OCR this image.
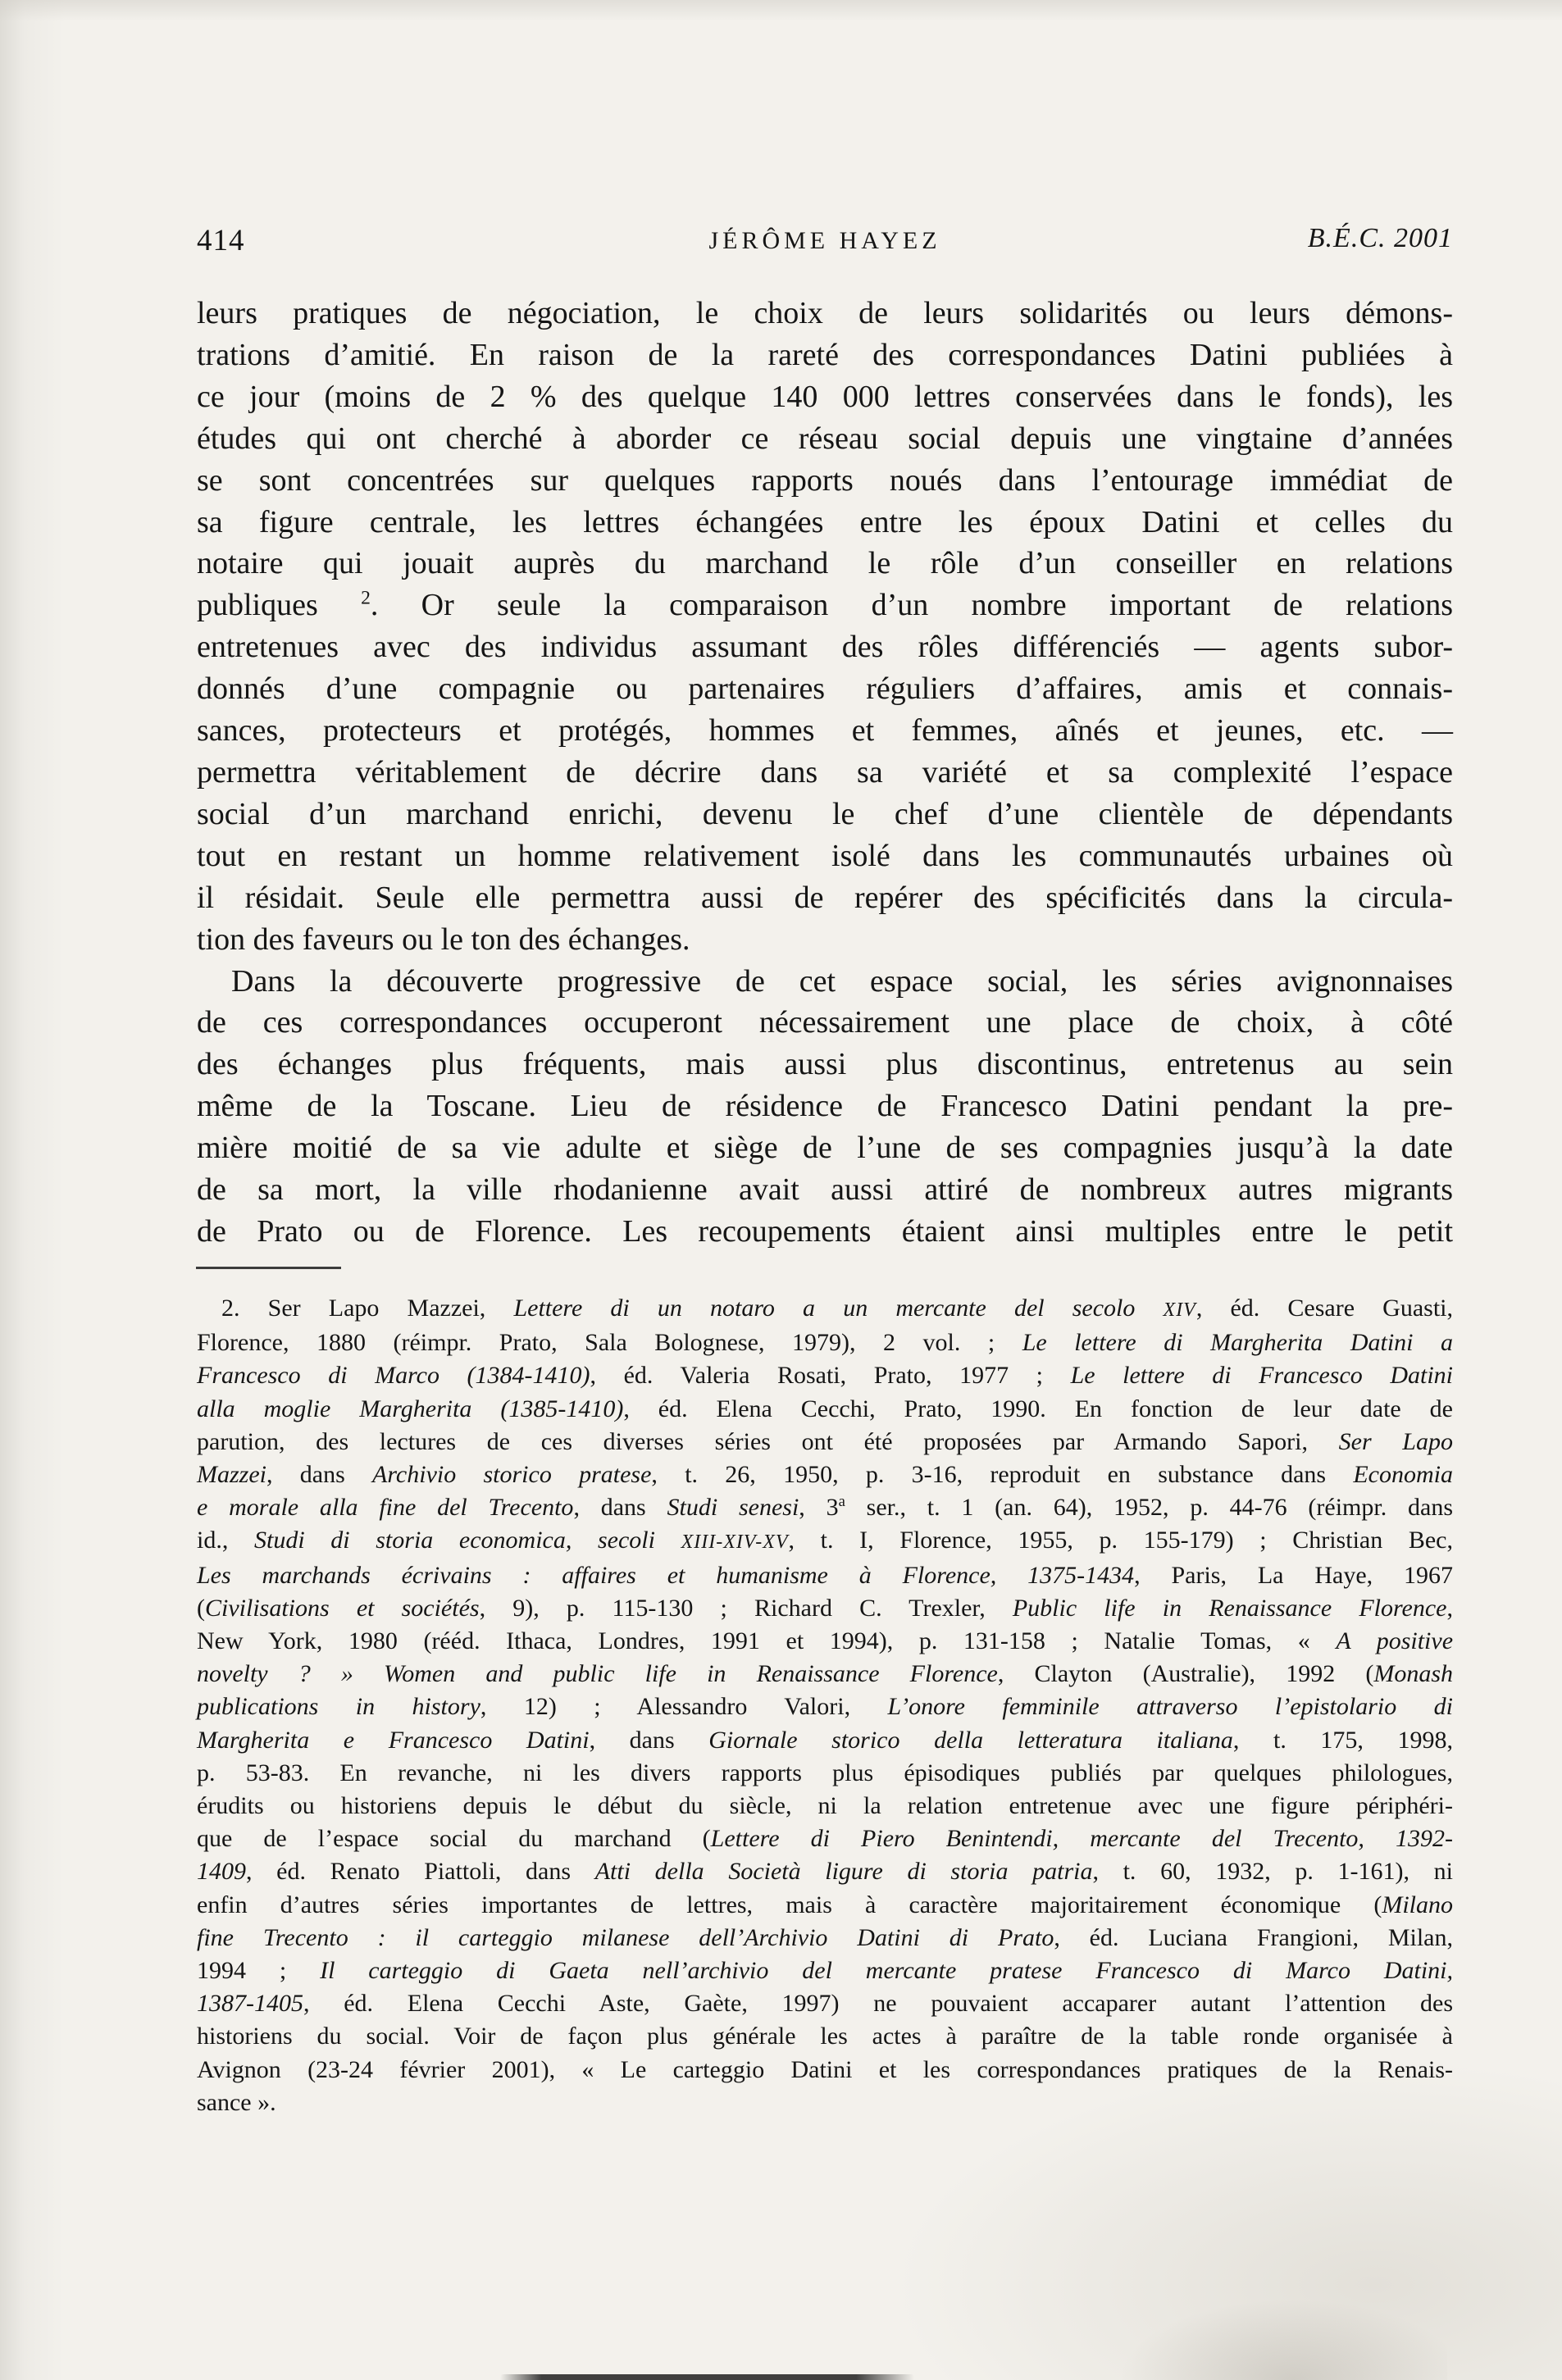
414	JÉRÔME HAYEZ	B.É.C. 2001
leurs pratiques de négociation, le choix de leurs solidarités ou leurs démons-
trations d’amitié. En raison de la rareté des correspondances Datini publiées à
ce jour (moins de 2 % des quelque 140 000 lettres conservées dans le fonds), les
études qui ont cherché à aborder ce réseau social depuis une vingtaine d’années
se sont concentrées sur quelques rapports noués dans l’entourage immédiat de
sa figure centrale, les lettres échangées entre les époux Datini et celles du
notaire qui jouait auprès du marchand le rôle d’un conseiller en relations
publiques $^2$. Or seule la comparaison d’un nombre important de relations
entretenues avec des individus assumant des rôles différenciés — agents subor-
donnés d’une compagnie ou partenaires réguliers d’affaires, amis et connais-
sances, protecteurs et protégés, hommes et femmes, aînés et jeunes, etc. —
permettra véritablement de décrire dans sa variété et sa complexité l’espace
social d’un marchand enrichi, devenu le chef d’une clientèle de dépendants
tout en restant un homme relativement isolé dans les communautés urbaines où
il résidait. Seule elle permettra aussi de repérer des spécificités dans la circula-
tion des faveurs ou le ton des échanges.
Dans la découverte progressive de cet espace social, les séries avignonnaises
de ces correspondances occuperont nécessairement une place de choix, à côté
des échanges plus fréquents, mais aussi plus discontinus, entretenus au sein
même de la Toscane. Lieu de résidence de Francesco Datini pendant la pre-
mière moitié de sa vie adulte et siège de l’une de ses compagnies jusqu’à la date
de sa mort, la ville rhodanienne avait aussi attiré de nombreux autres migrants
de Prato ou de Florence. Les recoupements étaient ainsi multiples entre le petit
2. Ser Lapo Mazzei, Lettere di un notaro a un mercante del secolo XIV, éd. Cesare Guasti,
Florence, 1880 (réimpr. Prato, Sala Bolognese, 1979), 2 vol. ; Le lettere di Margherita Datini a
Francesco di Marco (1384-1410), éd. Valeria Rosati, Prato, 1977 ; Le lettere di Francesco Datini
alla moglie Margherita (1385-1410), éd. Elena Cecchi, Prato, 1990. En fonction de leur date de
parution, des lectures de ces diverses séries ont été proposées par Armando Sapori, Ser Lapo
Mazzei, dans Archivio storico pratese, t. 26, 1950, p. 3-16, reproduit en substance dans Economia
e morale alla fine del Trecento, dans Studi senesi, 3$^a$ ser., t. 1 (an. 64), 1952, p. 44-76 (réimpr. dans
id., Studi di storia economica, secoli XIII-XIV-XV, t. I, Florence, 1955, p. 155-179) ; Christian Bec,
Les marchands écrivains : affaires et humanisme à Florence, 1375-1434, Paris, La Haye, 1967
(Civilisations et sociétés, 9), p. 115-130 ; Richard C. Trexler, Public life in Renaissance Florence,
New York, 1980 (rééd. Ithaca, Londres, 1991 et 1994), p. 131-158 ; Natalie Tomas, « A positive
novelty ? » Women and public life in Renaissance Florence, Clayton (Australie), 1992 (Monash
publications in history, 12) ; Alessandro Valori, L’onore femminile attraverso l’epistolario di
Margherita e Francesco Datini, dans Giornale storico della letteratura italiana, t. 175, 1998,
p. 53-83. En revanche, ni les divers rapports plus épisodiques publiés par quelques philologues,
érudits ou historiens depuis le début du siècle, ni la relation entretenue avec une figure périphéri-
que de l’espace social du marchand (Lettere di Piero Benintendi, mercante del Trecento, 1392-
1409, éd. Renato Piattoli, dans Atti della Società ligure di storia patria, t. 60, 1932, p. 1-161), ni
enfin d’autres séries importantes de lettres, mais à caractère majoritairement économique (Milano
fine Trecento : il carteggio milanese dell’Archivio Datini di Prato, éd. Luciana Frangioni, Milan,
1994 ; Il carteggio di Gaeta nell’archivio del mercante pratese Francesco di Marco Datini,
1387-1405, éd. Elena Cecchi Aste, Gaète, 1997) ne pouvaient accaparer autant l’attention des
historiens du social. Voir de façon plus générale les actes à paraître de la table ronde organisée à
Avignon (23-24 février 2001), « Le carteggio Datini et les correspondances pratiques de la Renais-
sance ».
